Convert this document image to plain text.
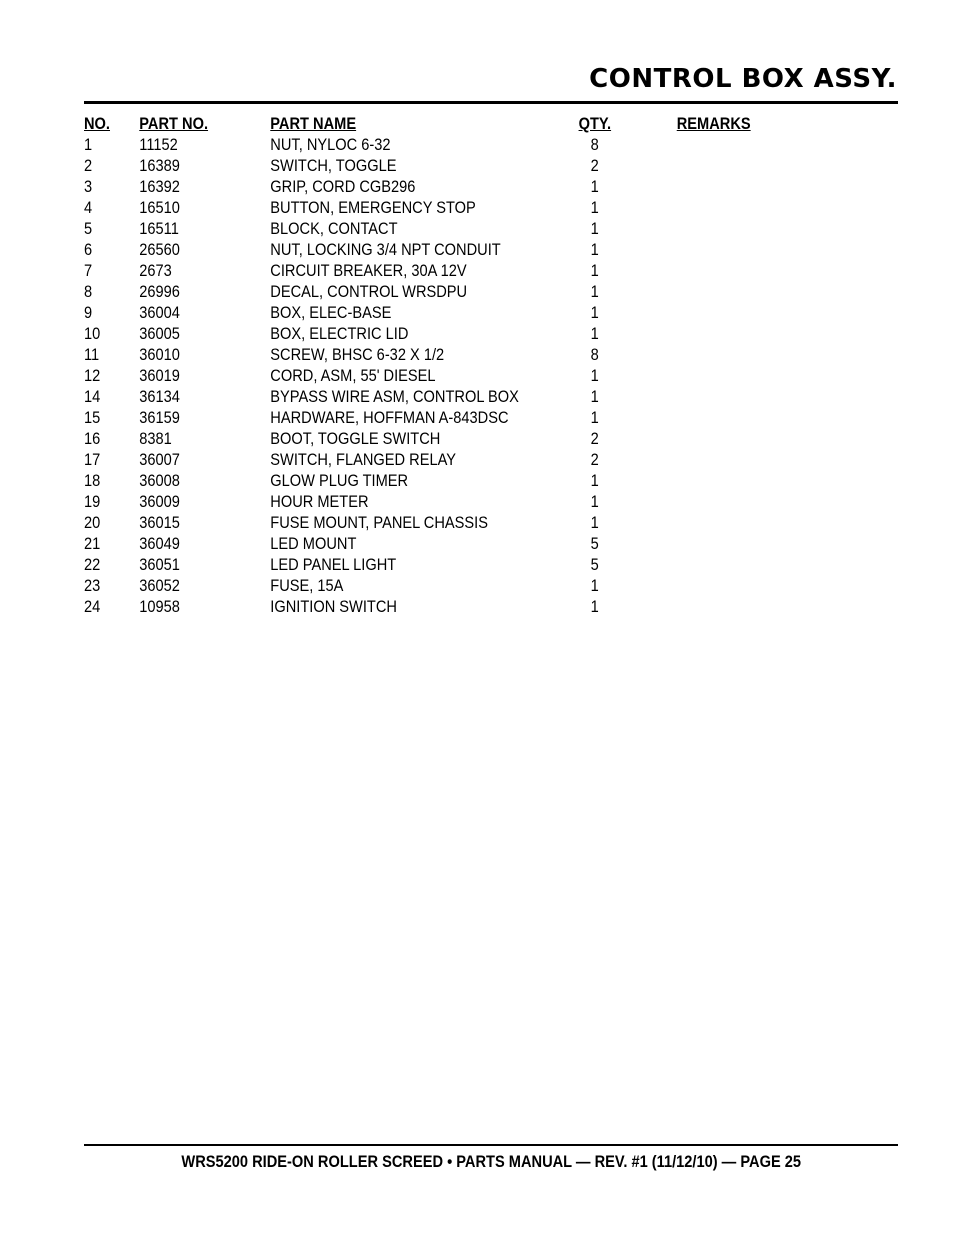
CONTROL BOX ASSY.
NO.	PART NO.	PART NAME	QTY.	REMARKS
1	11152	NUT, NYLOC 6-32	8	
2	16389	SWITCH, TOGGLE	2	
3	16392	GRIP, CORD CGB296	1	
4	16510	BUTTON, EMERGENCY STOP	1	
5	16511	BLOCK, CONTACT	1	
6	26560	NUT, LOCKING 3/4 NPT CONDUIT	1	
7	2673	CIRCUIT BREAKER, 30A 12V	1	
8	26996	DECAL, CONTROL WRSDPU	1	
9	36004	BOX, ELEC-BASE	1	
10	36005	BOX, ELECTRIC LID	1	
11	36010	SCREW, BHSC 6-32 X 1/2	8	
12	36019	CORD, ASM, 55' DIESEL	1	
14	36134	BYPASS WIRE ASM, CONTROL BOX	1	
15	36159	HARDWARE, HOFFMAN A-843DSC	1	
16	8381	BOOT, TOGGLE SWITCH	2	
17	36007	SWITCH, FLANGED RELAY	2	
18	36008	GLOW PLUG TIMER	1	
19	36009	HOUR METER	1	
20	36015	FUSE MOUNT, PANEL CHASSIS	1	
21	36049	LED MOUNT	5	
22	36051	LED PANEL LIGHT	5	
23	36052	FUSE, 15A	1	
24	10958	IGNITION SWITCH	1	
WRS5200 RIDE-ON ROLLER SCREED • PARTS MANUAL — REV. #1 (11/12/10) — PAGE 25
